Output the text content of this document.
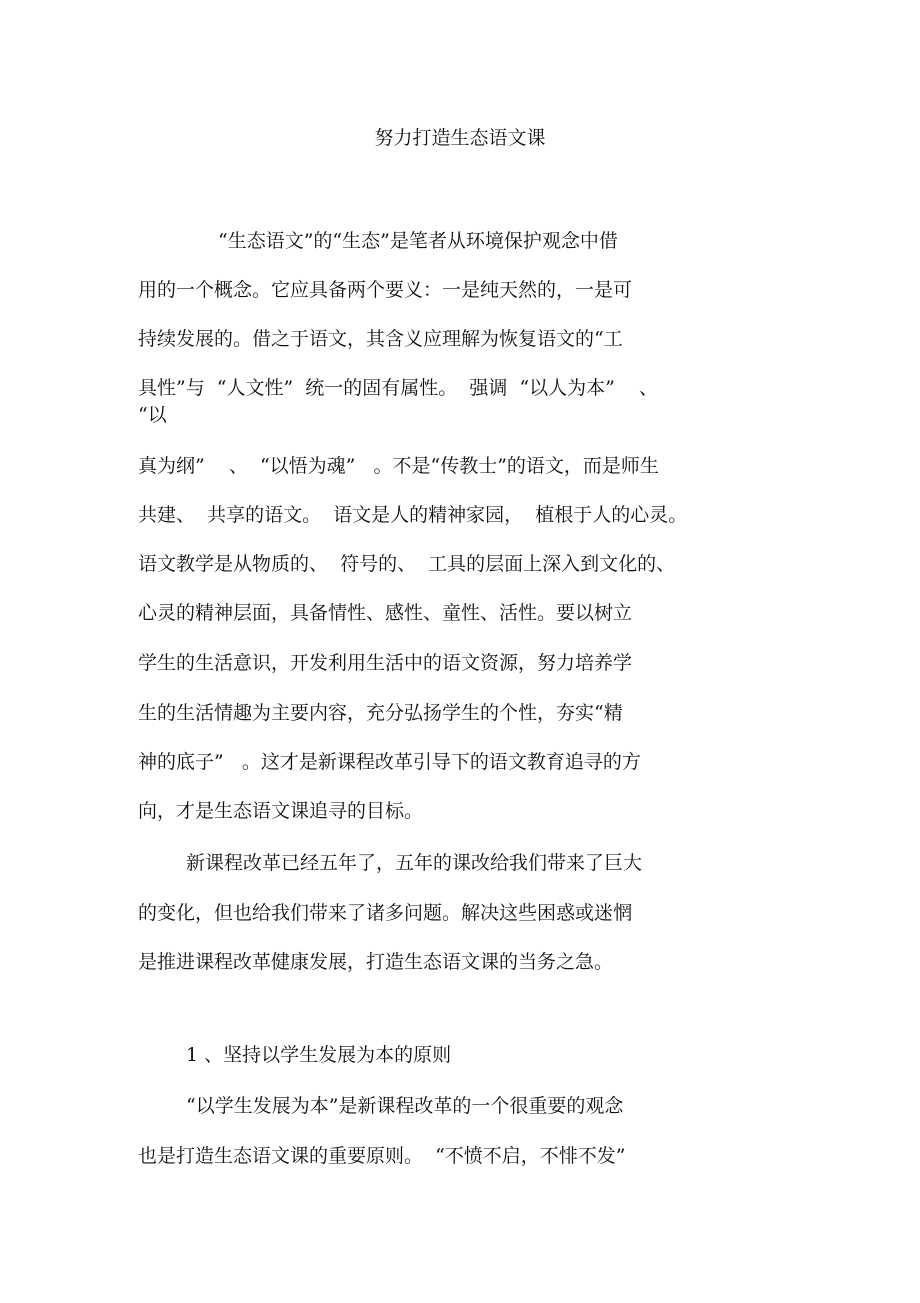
努力打造生态语文课

“生态语文”的“生态”是笔者从环境保护观念中借

用的一个概念。它应具备两个要义：一是纯天然的，一是可

持续发展的。借之于语文，其含义应理解为恢复语文的“工

具性”与  “人文性”  统一的固有属性。  强调  “以人为本”    、

“以

真为纲”    、  “以悟为魂”   。不是“传教士”的语文，而是师生

共建、  共享的语文。  语文是人的精神家园，  植根于人的心灵。

语文教学是从物质的、  符号的、  工具的层面上深入到文化的、

心灵的精神层面，具备情性、感性、童性、活性。要以树立

学生的生活意识，开发利用生活中的语文资源，努力培养学

生的生活情趣为主要内容，充分弘扬学生的个性，夯实“精

神的底子”   。这才是新课程改革引导下的语文教育追寻的方

向，才是生态语文课追寻的目标。

新课程改革已经五年了，五年的课改给我们带来了巨大

的变化，但也给我们带来了诸多问题。解决这些困惑或迷惘

是推进课程改革健康发展，打造生态语文课的当务之急。

1 、坚持以学生发展为本的原则

“以学生发展为本”是新课程改革的一个很重要的观念

也是打造生态语文课的重要原则。  “不愤不启，不悱不发”
